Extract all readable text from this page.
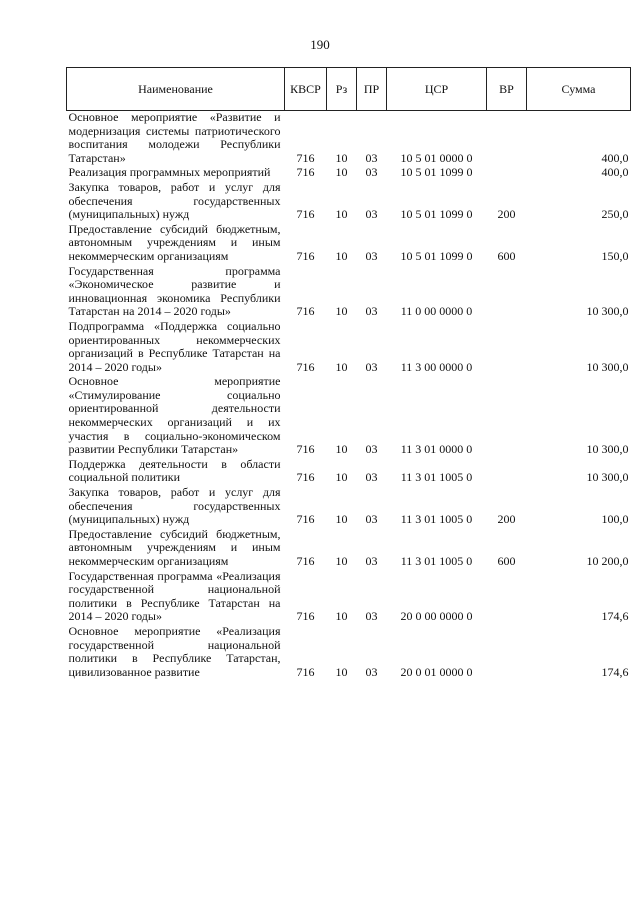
190
Наименование	КВСР	Рз	ПР	ЦСР	ВР	Сумма
Основное мероприятие «Развитие и модернизация системы патриотического воспитания молодежи Республики Татарстан»	716	10	03	10 5 01 0000 0		400,0
Реализация программных мероприятий	716	10	03	10 5 01 1099 0		400,0
Закупка товаров, работ и услуг для обеспечения государственных (муниципальных) нужд	716	10	03	10 5 01 1099 0	200	250,0
Предоставление субсидий бюджетным, автономным учреждениям и иным некоммерческим организациям	716	10	03	10 5 01 1099 0	600	150,0
Государственная программа «Экономическое развитие и инновационная экономика Республики Татарстан на 2014 – 2020 годы»	716	10	03	11 0 00 0000 0		10 300,0
Подпрограмма «Поддержка социально ориентированных некоммерческих организаций в Республике Татарстан на 2014 – 2020 годы»	716	10	03	11 3 00 0000 0		10 300,0
Основное мероприятие «Стимулирование социально ориентированной деятельности некоммерческих организаций и их участия в социально-экономическом развитии Республики Татарстан»	716	10	03	11 3 01 0000 0		10 300,0
Поддержка деятельности в области социальной политики	716	10	03	11 3 01 1005 0		10 300,0
Закупка товаров, работ и услуг для обеспечения государственных (муниципальных) нужд	716	10	03	11 3 01 1005 0	200	100,0
Предоставление субсидий бюджетным, автономным учреждениям и иным некоммерческим организациям	716	10	03	11 3 01 1005 0	600	10 200,0
Государственная программа «Реализация государственной национальной политики в Республике Татарстан на 2014 – 2020 годы»	716	10	03	20 0 00 0000 0		174,6
Основное мероприятие «Реализация государственной национальной политики в Республике Татарстан, цивилизованное развитие	716	10	03	20 0 01 0000 0		174,6
